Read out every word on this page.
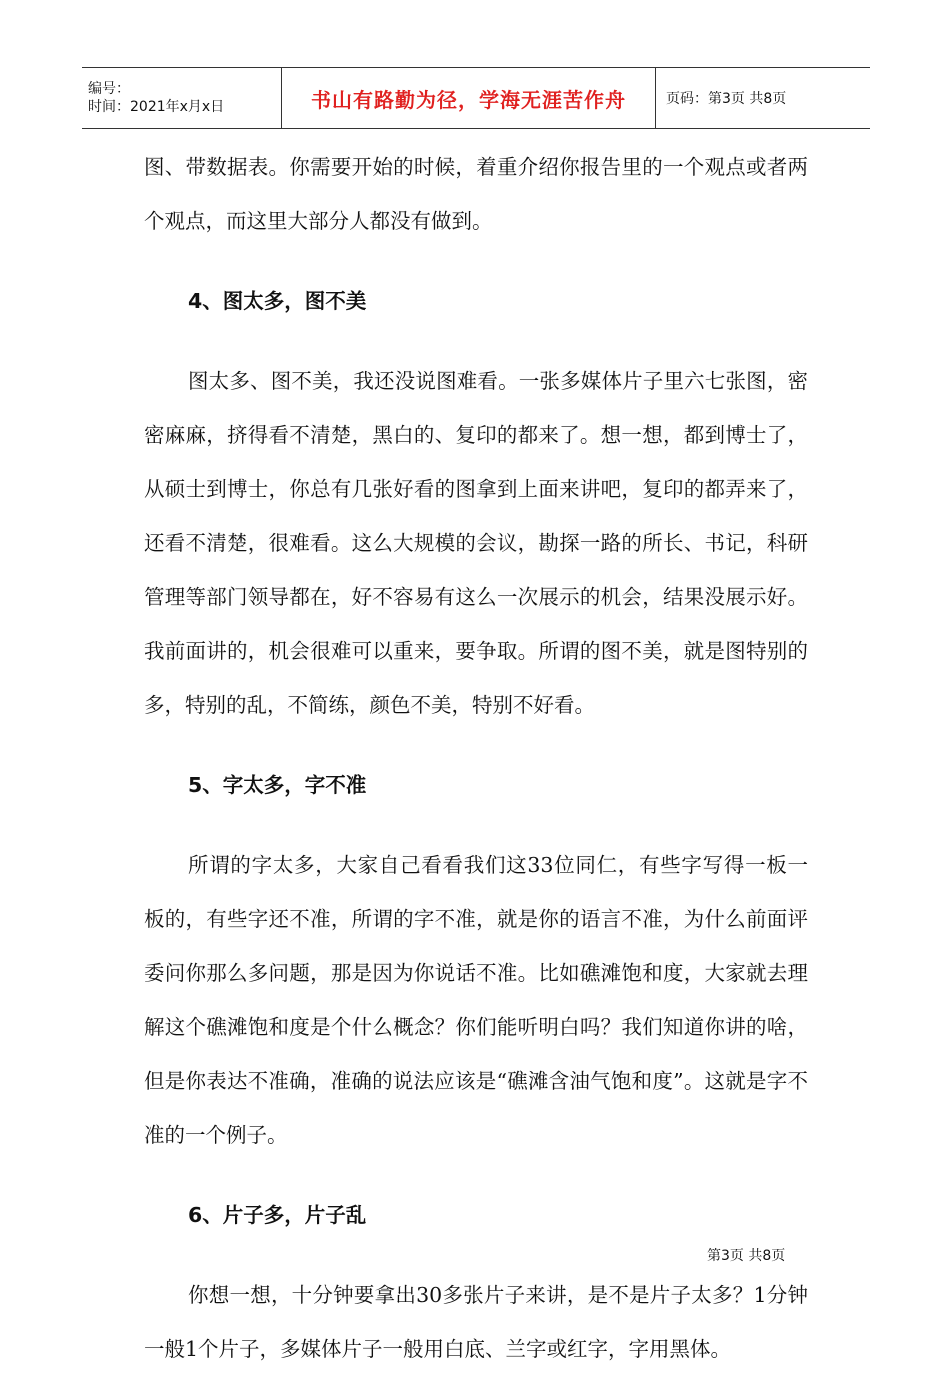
编号：
时间：2021年x月x日	书山有路勤为径，学海无涯苦作舟	页码：第3页 共8页

图、带数据表。你需要开始的时候，着重介绍你报告里的一个观点或者两个观点，而这里大部分人都没有做到。

4、图太多，图不美

图太多、图不美，我还没说图难看。一张多媒体片子里六七张图，密密麻麻，挤得看不清楚，黑白的、复印的都来了。想一想，都到博士了，从硕士到博士，你总有几张好看的图拿到上面来讲吧，复印的都弄来了，还看不清楚，很难看。这么大规模的会议，勘探一路的所长、书记，科研管理等部门领导都在，好不容易有这么一次展示的机会，结果没展示好。我前面讲的，机会很难可以重来，要争取。所谓的图不美，就是图特别的多，特别的乱，不简练，颜色不美，特别不好看。

5、字太多，字不准

所谓的字太多，大家自己看看我们这33位同仁，有些字写得一板一板的，有些字还不准，所谓的字不准，就是你的语言不准，为什么前面评委问你那么多问题，那是因为你说话不准。比如礁滩饱和度，大家就去理解这个礁滩饱和度是个什么概念？你们能听明白吗？我们知道你讲的啥，但是你表达不准确，准确的说法应该是“礁滩含油气饱和度”。这就是字不准的一个例子。

6、片子多，片子乱

你想一想，十分钟要拿出30多张片子来讲，是不是片子太多？1分钟一般1个片子，多媒体片子一般用白底、兰字或红字，字用黑体。

第3页 共8页
